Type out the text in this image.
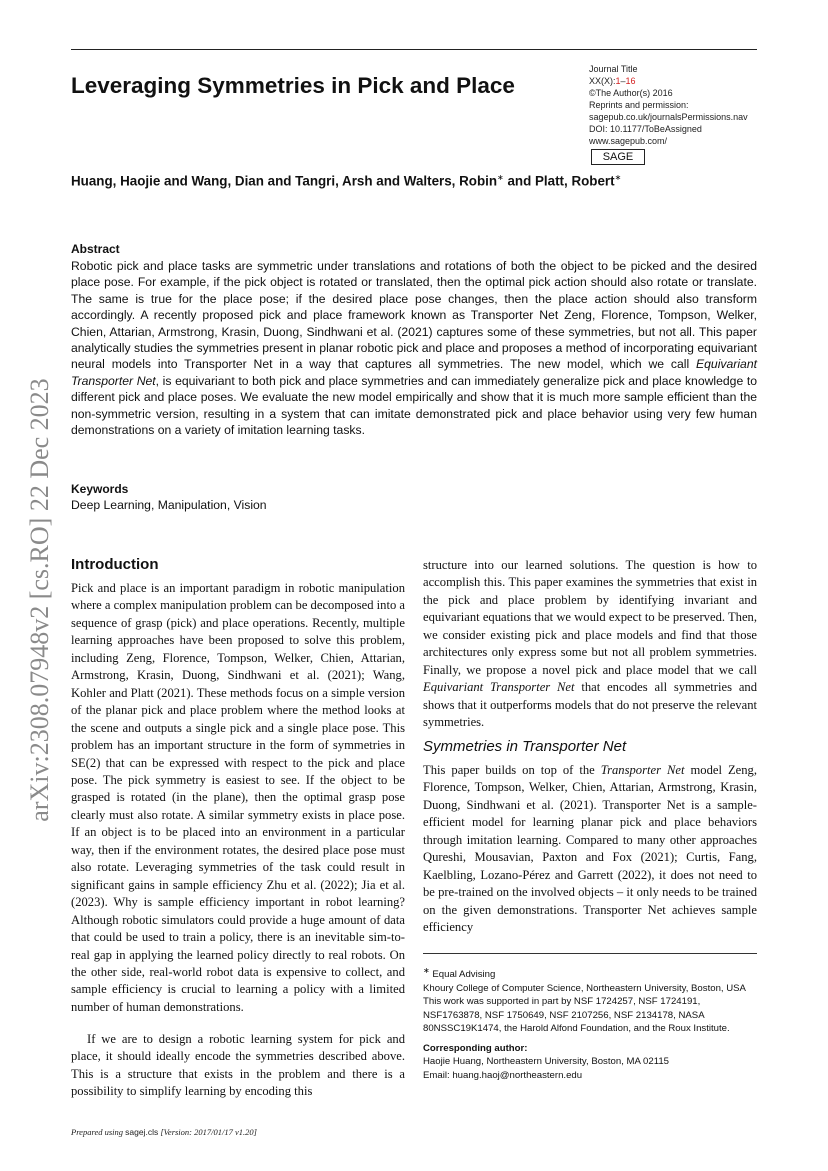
arXiv:2308.07948v2 [cs.RO] 22 Dec 2023
Leveraging Symmetries in Pick and Place
Journal Title
XX(X):1–16
©The Author(s) 2016
Reprints and permission:
sagepub.co.uk/journalsPermissions.nav
DOI: 10.1177/ToBeAssigned
www.sagepub.com/
SAGE
Huang, Haojie and Wang, Dian and Tangri, Arsh and Walters, Robin∗ and Platt, Robert∗
Abstract
Robotic pick and place tasks are symmetric under translations and rotations of both the object to be picked and the desired place pose. For example, if the pick object is rotated or translated, then the optimal pick action should also rotate or translate. The same is true for the place pose; if the desired place pose changes, then the place action should also transform accordingly. A recently proposed pick and place framework known as Transporter Net Zeng, Florence, Tompson, Welker, Chien, Attarian, Armstrong, Krasin, Duong, Sindhwani et al. (2021) captures some of these symmetries, but not all. This paper analytically studies the symmetries present in planar robotic pick and place and proposes a method of incorporating equivariant neural models into Transporter Net in a way that captures all symmetries. The new model, which we call Equivariant Transporter Net, is equivariant to both pick and place symmetries and can immediately generalize pick and place knowledge to different pick and place poses. We evaluate the new model empirically and show that it is much more sample efficient than the non-symmetric version, resulting in a system that can imitate demonstrated pick and place behavior using very few human demonstrations on a variety of imitation learning tasks.
Keywords
Deep Learning, Manipulation, Vision
Introduction
Pick and place is an important paradigm in robotic manipulation where a complex manipulation problem can be decomposed into a sequence of grasp (pick) and place operations. Recently, multiple learning approaches have been proposed to solve this problem, including Zeng, Florence, Tompson, Welker, Chien, Attarian, Armstrong, Krasin, Duong, Sindhwani et al. (2021); Wang, Kohler and Platt (2021). These methods focus on a simple version of the planar pick and place problem where the method looks at the scene and outputs a single pick and a single place pose. This problem has an important structure in the form of symmetries in SE(2) that can be expressed with respect to the pick and place pose. The pick symmetry is easiest to see. If the object to be grasped is rotated (in the plane), then the optimal grasp pose clearly must also rotate. A similar symmetry exists in place pose. If an object is to be placed into an environment in a particular way, then if the environment rotates, the desired place pose must also rotate. Leveraging symmetries of the task could result in significant gains in sample efficiency Zhu et al. (2022); Jia et al. (2023). Why is sample efficiency important in robot learning? Although robotic simulators could provide a huge amount of data that could be used to train a policy, there is an inevitable sim-to-real gap in applying the learned policy directly to real robots. On the other side, real-world robot data is expensive to collect, and sample efficiency is crucial to learning a policy with a limited number of human demonstrations.
If we are to design a robotic learning system for pick and place, it should ideally encode the symmetries described above. This is a structure that exists in the problem and there is a possibility to simplify learning by encoding this
structure into our learned solutions. The question is how to accomplish this. This paper examines the symmetries that exist in the pick and place problem by identifying invariant and equivariant equations that we would expect to be preserved. Then, we consider existing pick and place models and find that those architectures only express some but not all problem symmetries. Finally, we propose a novel pick and place model that we call Equivariant Transporter Net that encodes all symmetries and shows that it outperforms models that do not preserve the relevant symmetries.
Symmetries in Transporter Net
This paper builds on top of the Transporter Net model Zeng, Florence, Tompson, Welker, Chien, Attarian, Armstrong, Krasin, Duong, Sindhwani et al. (2021). Transporter Net is a sample-efficient model for learning planar pick and place behaviors through imitation learning. Compared to many other approaches Qureshi, Mousavian, Paxton and Fox (2021); Curtis, Fang, Kaelbling, Lozano-Pérez and Garrett (2022), it does not need to be pre-trained on the involved objects – it only needs to be trained on the given demonstrations. Transporter Net achieves sample efficiency

∗ Equal Advising

Khoury College of Computer Science, Northeastern University, Boston, USA

This work was supported in part by NSF 1724257, NSF 1724191, NSF1763878, NSF 1750649, NSF 2107256, NSF 2134178, NASA 80NSSC19K1474, the Harold Alfond Foundation, and the Roux Institute.

Corresponding author:

Haojie Huang, Northeastern University, Boston, MA 02115

Email: huang.haoj@northeastern.edu

Prepared using sagej.cls [Version: 2017/01/17 v1.20]
